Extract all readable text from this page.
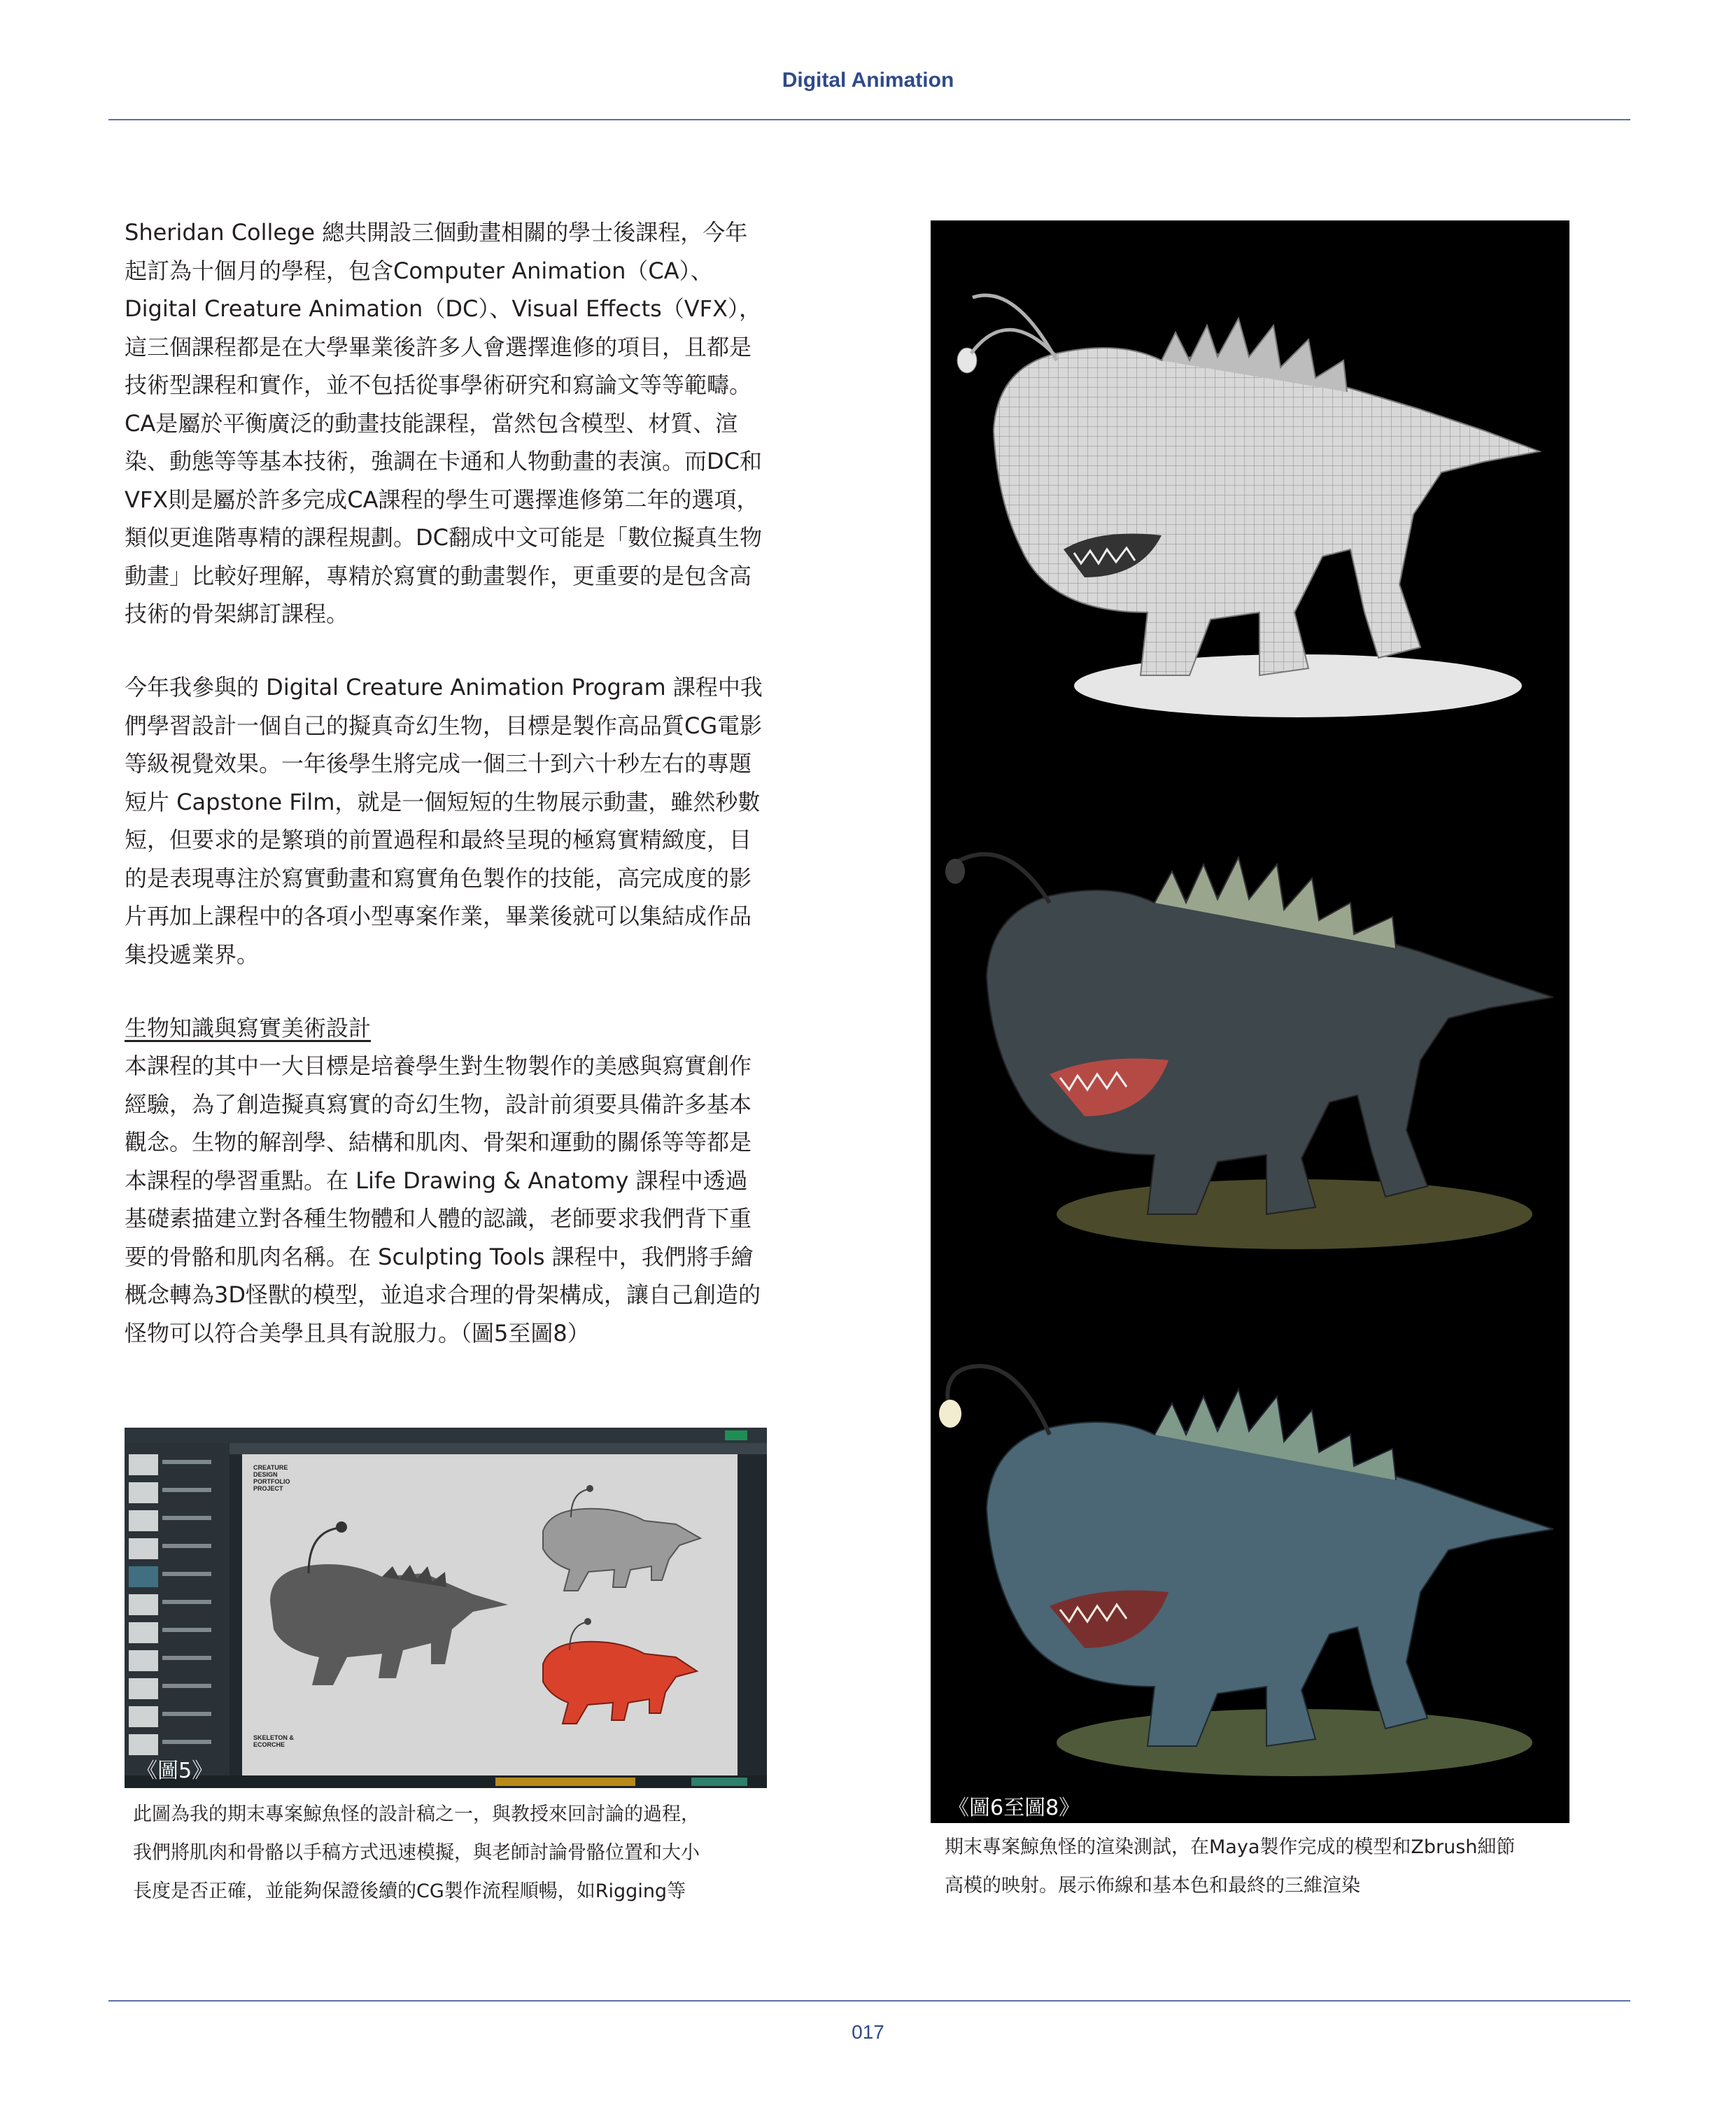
Digital Animation

Sheridan College 總共開設三個動畫相關的學士後課程，今年起訂為十個月的學程，包含Computer Animation（CA）、Digital Creature Animation（DC）、Visual Effects（VFX），這三個課程都是在大學畢業後許多人會選擇進修的項目，且都是技術型課程和實作，並不包括從事學術研究和寫論文等等範疇。CA是屬於平衡廣泛的動畫技能課程，當然包含模型、材質、渲染、動態等等基本技術，強調在卡通和人物動畫的表演。而DC和VFX則是屬於許多完成CA課程的學生可選擇進修第二年的選項，類似更進階專精的課程規劃。DC翻成中文可能是「數位擬真生物動畫」比較好理解，專精於寫實的動畫製作，更重要的是包含高技術的骨架綁訂課程。

今年我參與的 Digital Creature Animation Program 課程中我們學習設計一個自己的擬真奇幻生物，目標是製作高品質CG電影等級視覺效果。一年後學生將完成一個三十到六十秒左右的專題短片 Capstone Film，就是一個短短的生物展示動畫，雖然秒數短，但要求的是繁瑣的前置過程和最終呈現的極寫實精緻度，目的是表現專注於寫實動畫和寫實角色製作的技能，高完成度的影片再加上課程中的各項小型專案作業，畢業後就可以集結成作品集投遞業界。

生物知識與寫實美術設計

本課程的其中一大目標是培養學生對生物製作的美感與寫實創作經驗，為了創造擬真寫實的奇幻生物，設計前須要具備許多基本觀念。生物的解剖學、結構和肌肉、骨架和運動的關係等等都是本課程的學習重點。在 Life Drawing & Anatomy 課程中透過基礎素描建立對各種生物體和人體的認識，老師要求我們背下重要的骨骼和肌肉名稱。在 Sculpting Tools 課程中，我們將手繪概念轉為3D怪獸的模型，並追求合理的骨架構成，讓自己創造的怪物可以符合美學且具有說服力。（圖5至圖8）

CREATURE DESIGN PORTFOLIO PROJECT
SKELETON & ECORCHE
《圖5》
此圖為我的期末專案鯨魚怪的設計稿之一，與教授來回討論的過程，
我們將肌肉和骨骼以手稿方式迅速模擬，與老師討論骨骼位置和大小
長度是否正確，並能夠保證後續的CG製作流程順暢，如Rigging等
《圖6至圖8》
期末專案鯨魚怪的渲染測試，在Maya製作完成的模型和Zbrush細節
高模的映射。展示佈線和基本色和最終的三維渲染
017
